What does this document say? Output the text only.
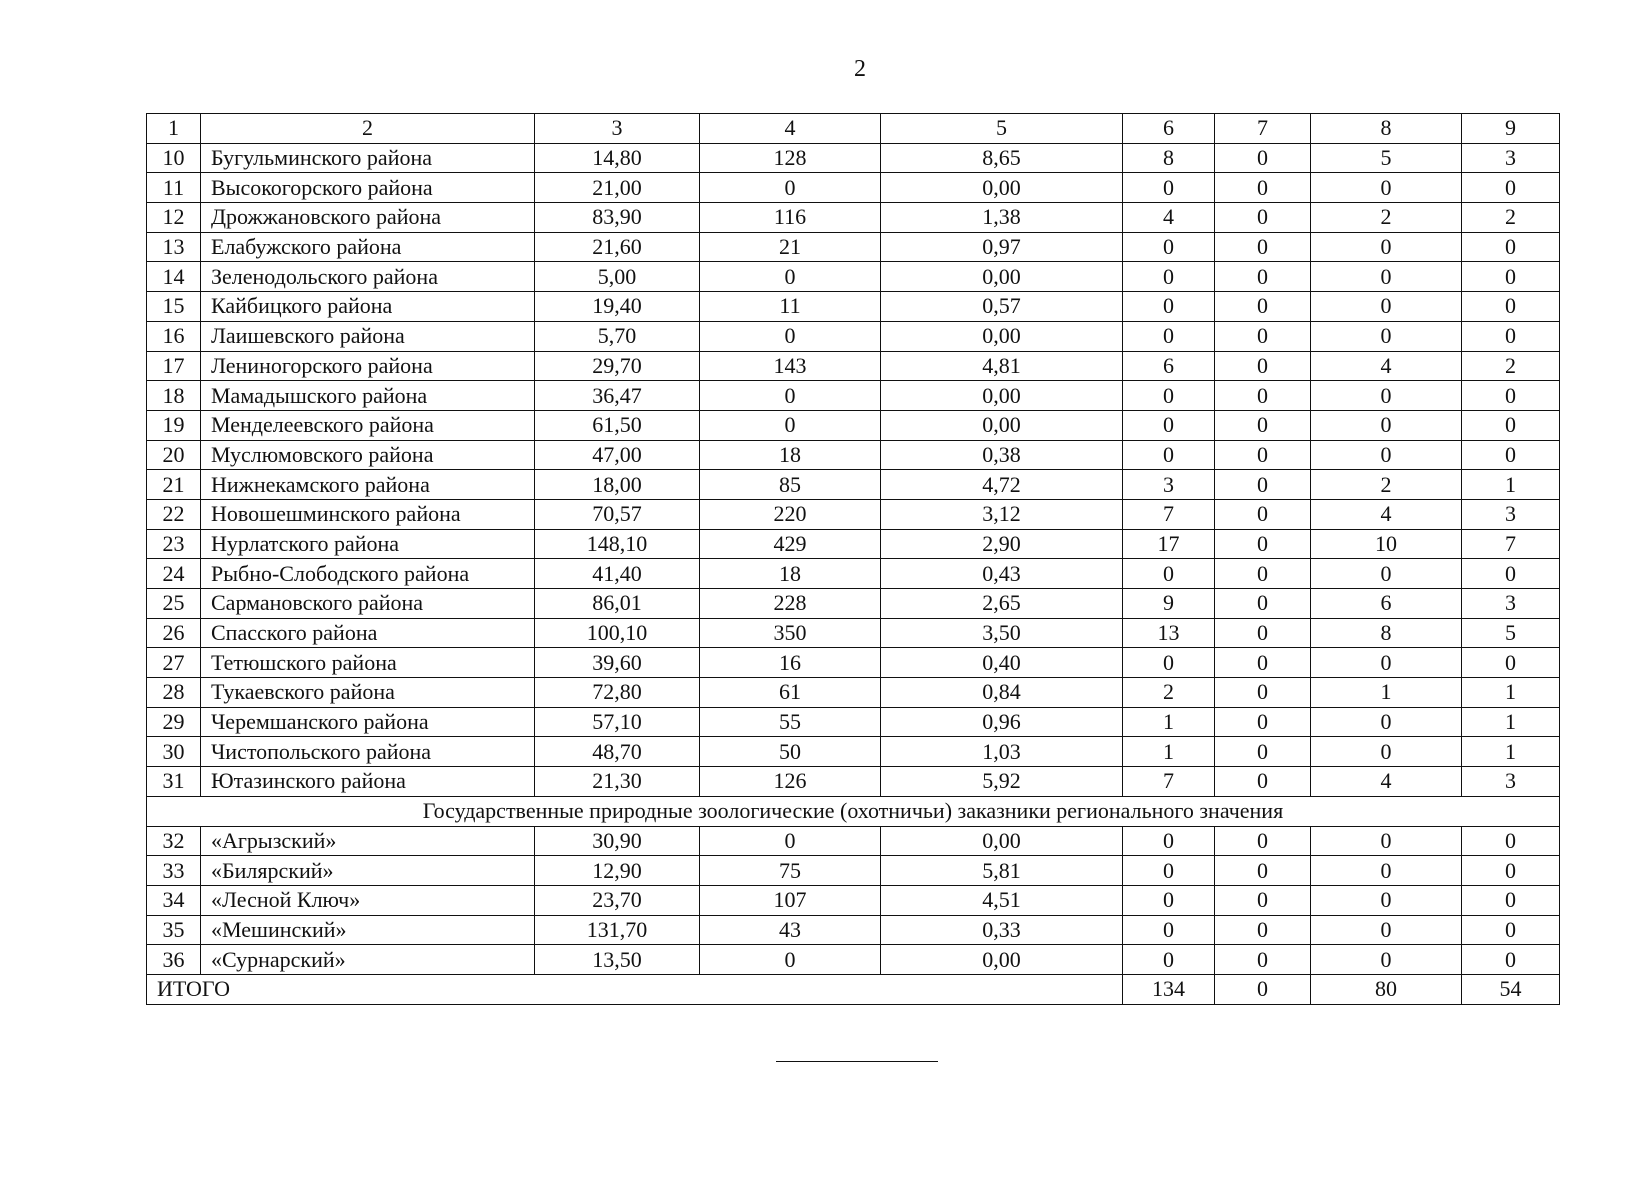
2
1	2	3	4	5	6	7	8	9
10	Бугульминского района	14,80	128	8,65	8	0	5	3
11	Высокогорского района	21,00	0	0,00	0	0	0	0
12	Дрожжановского района	83,90	116	1,38	4	0	2	2
13	Елабужского района	21,60	21	0,97	0	0	0	0
14	Зеленодольского района	5,00	0	0,00	0	0	0	0
15	Кайбицкого района	19,40	11	0,57	0	0	0	0
16	Лаишевского района	5,70	0	0,00	0	0	0	0
17	Лениногорского района	29,70	143	4,81	6	0	4	2
18	Мамадышского района	36,47	0	0,00	0	0	0	0
19	Менделеевского района	61,50	0	0,00	0	0	0	0
20	Муслюмовского района	47,00	18	0,38	0	0	0	0
21	Нижнекамского района	18,00	85	4,72	3	0	2	1
22	Новошешминского района	70,57	220	3,12	7	0	4	3
23	Нурлатского района	148,10	429	2,90	17	0	10	7
24	Рыбно-Слободского района	41,40	18	0,43	0	0	0	0
25	Сармановского района	86,01	228	2,65	9	0	6	3
26	Спасского района	100,10	350	3,50	13	0	8	5
27	Тетюшского района	39,60	16	0,40	0	0	0	0
28	Тукаевского района	72,80	61	0,84	2	0	1	1
29	Черемшанского района	57,10	55	0,96	1	0	0	1
30	Чистопольского района	48,70	50	1,03	1	0	0	1
31	Ютазинского района	21,30	126	5,92	7	0	4	3
Государственные природные зоологические (охотничьи) заказники регионального значения								
32	«Агрызский»	30,90	0	0,00	0	0	0	0
33	«Билярский»	12,90	75	5,81	0	0	0	0
34	«Лесной Ключ»	23,70	107	4,51	0	0	0	0
35	«Мешинский»	131,70	43	0,33	0	0	0	0
36	«Сурнарский»	13,50	0	0,00	0	0	0	0
ИТОГО					134	0	80	54
